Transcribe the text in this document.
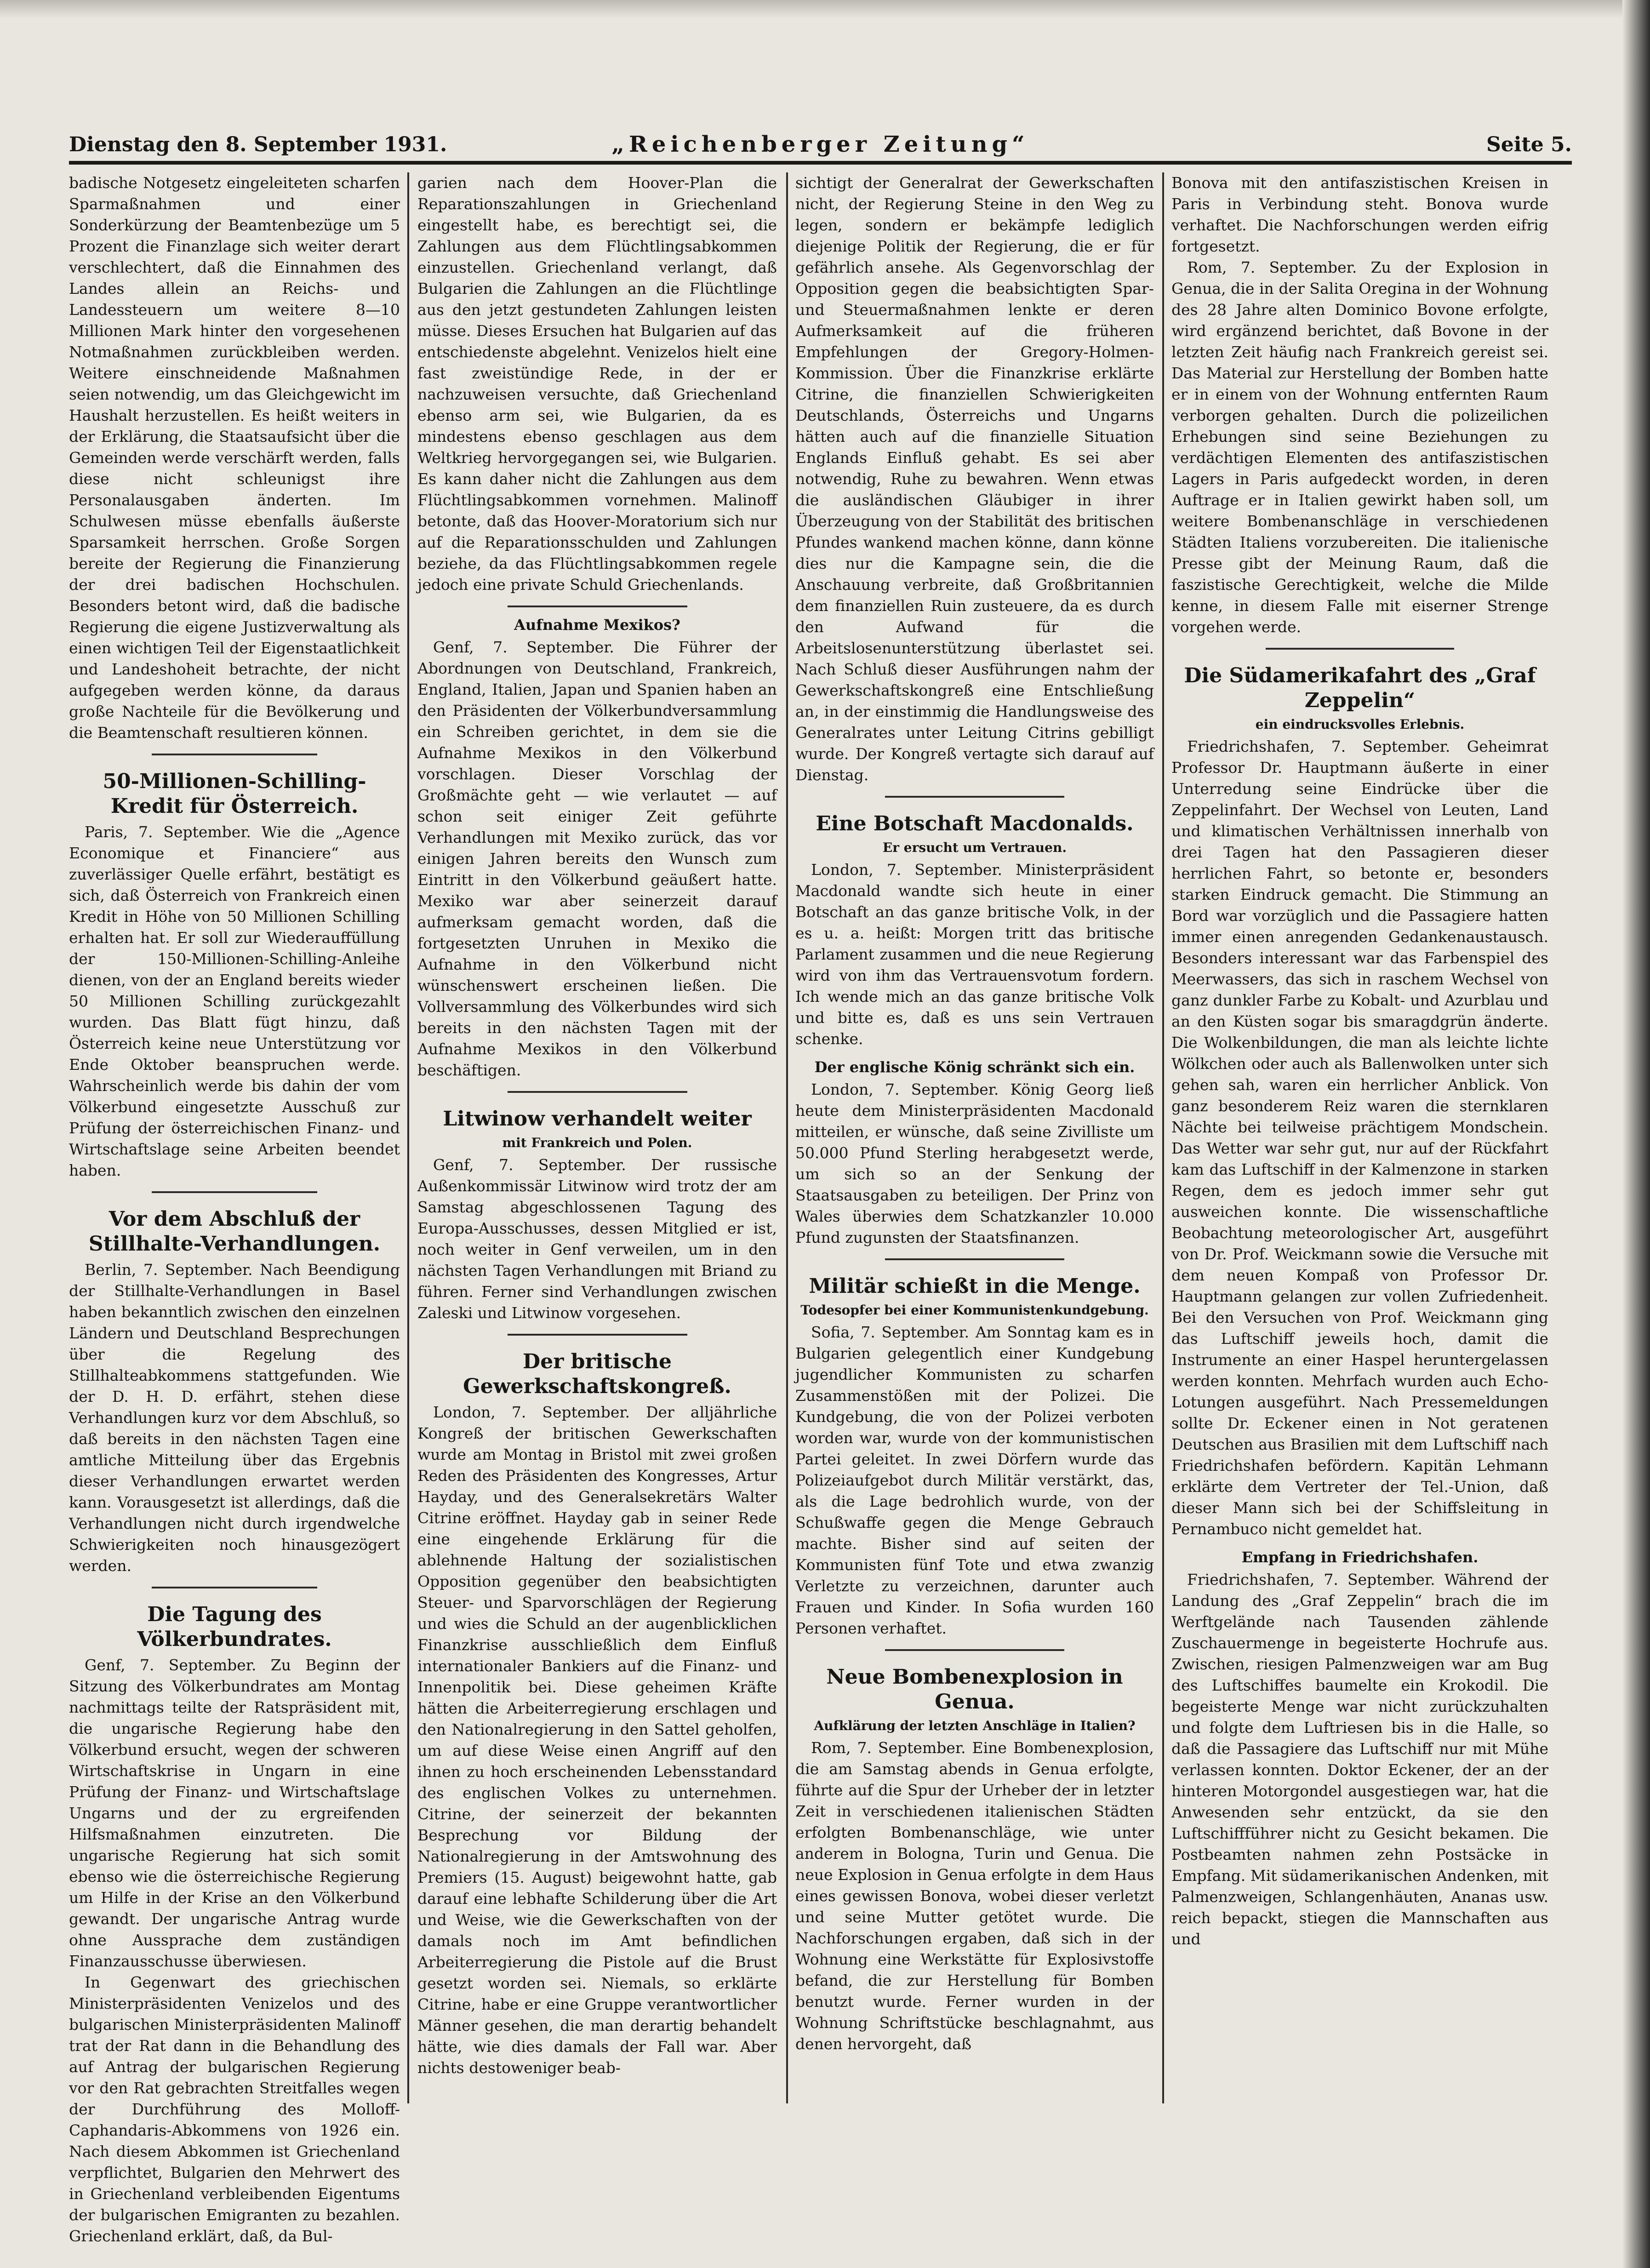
Dienstag den 8. September 1931.	„Reichenberger Zeitung“	Seite 5.

badische Notgesetz eingeleiteten scharfen Sparmaßnahmen und einer Sonderkürzung der Beamtenbezüge um 5 Prozent die Finanzlage sich weiter derart verschlechtert, daß die Einnahmen des Landes allein an Reichs- und Landessteuern um weitere 8—10 Millionen Mark hinter den vorgesehenen Notmaßnahmen zurückbleiben werden. Weitere einschneidende Maßnahmen seien notwendig, um das Gleichgewicht im Haushalt herzustellen. Es heißt weiters in der Erklärung, die Staatsaufsicht über die Gemeinden werde verschärft werden, falls diese nicht schleunigst ihre Personalausgaben änderten. Im Schulwesen müsse ebenfalls äußerste Sparsamkeit herrschen. Große Sorgen bereite der Regierung die Finanzierung der drei badischen Hochschulen. Besonders betont wird, daß die badische Regierung die eigene Justizverwaltung als einen wichtigen Teil der Eigenstaatlichkeit und Landeshoheit betrachte, der nicht aufgegeben werden könne, da daraus große Nachteile für die Bevölkerung und die Beamtenschaft resultieren können.

50-Millionen-Schilling-Kredit für Österreich.

Paris, 7. September. Wie die „Agence Economique et Financiere“ aus zuverlässiger Quelle erfährt, bestätigt es sich, daß Österreich von Frankreich einen Kredit in Höhe von 50 Millionen Schilling erhalten hat. Er soll zur Wiederauffüllung der 150-Millionen-Schilling-Anleihe dienen, von der an England bereits wieder 50 Millionen Schilling zurückgezahlt wurden. Das Blatt fügt hinzu, daß Österreich keine neue Unterstützung vor Ende Oktober beanspruchen werde. Wahrscheinlich werde bis dahin der vom Völkerbund eingesetzte Ausschuß zur Prüfung der österreichischen Finanz- und Wirtschaftslage seine Arbeiten beendet haben.

Vor dem Abschluß der Stillhalte-Verhandlungen.

Berlin, 7. September. Nach Beendigung der Stillhalte-Verhandlungen in Basel haben bekanntlich zwischen den einzelnen Ländern und Deutschland Besprechungen über die Regelung des Stillhalteabkommens stattgefunden. Wie der D. H. D. erfährt, stehen diese Verhandlungen kurz vor dem Abschluß, so daß bereits in den nächsten Tagen eine amtliche Mitteilung über das Ergebnis dieser Verhandlungen erwartet werden kann. Vorausgesetzt ist allerdings, daß die Verhandlungen nicht durch irgendwelche Schwierigkeiten noch hinausgezögert werden.

Die Tagung des Völkerbundrates.

Genf, 7. September. Zu Beginn der Sitzung des Völkerbundrates am Montag nachmittags teilte der Ratspräsident mit, die ungarische Regierung habe den Völkerbund ersucht, wegen der schweren Wirtschaftskrise in Ungarn in eine Prüfung der Finanz- und Wirtschaftslage Ungarns und der zu ergreifenden Hilfsmaßnahmen einzutreten. Die ungarische Regierung hat sich somit ebenso wie die österreichische Regierung um Hilfe in der Krise an den Völkerbund gewandt. Der ungarische Antrag wurde ohne Aussprache dem zuständigen Finanzausschusse überwiesen.

In Gegenwart des griechischen Ministerpräsidenten Venizelos und des bulgarischen Ministerpräsidenten Malinoff trat der Rat dann in die Behandlung des auf Antrag der bulgarischen Regierung vor den Rat gebrachten Streitfalles wegen der Durchführung des Molloff-Caphandaris-Abkommens von 1926 ein. Nach diesem Abkommen ist Griechenland verpflichtet, Bulgarien den Mehrwert des in Griechenland verbleibenden Eigentums der bulgarischen Emigranten zu bezahlen. Griechenland erklärt, daß, da Bul-

garien nach dem Hoover-Plan die Reparationszahlungen in Griechenland eingestellt habe, es berechtigt sei, die Zahlungen aus dem Flüchtlingsabkommen einzustellen. Griechenland verlangt, daß Bulgarien die Zahlungen an die Flüchtlinge aus den jetzt gestundeten Zahlungen leisten müsse. Dieses Ersuchen hat Bulgarien auf das entschiedenste abgelehnt. Venizelos hielt eine fast zweistündige Rede, in der er nachzuweisen versuchte, daß Griechenland ebenso arm sei, wie Bulgarien, da es mindestens ebenso geschlagen aus dem Weltkrieg hervorgegangen sei, wie Bulgarien. Es kann daher nicht die Zahlungen aus dem Flüchtlingsabkommen vornehmen. Malinoff betonte, daß das Hoover-Moratorium sich nur auf die Reparationsschulden und Zahlungen beziehe, da das Flüchtlingsabkommen regele jedoch eine private Schuld Griechenlands.

Aufnahme Mexikos?

Genf, 7. September. Die Führer der Abordnungen von Deutschland, Frankreich, England, Italien, Japan und Spanien haben an den Präsidenten der Völkerbundversammlung ein Schreiben gerichtet, in dem sie die Aufnahme Mexikos in den Völkerbund vorschlagen. Dieser Vorschlag der Großmächte geht — wie verlautet — auf schon seit einiger Zeit geführte Verhandlungen mit Mexiko zurück, das vor einigen Jahren bereits den Wunsch zum Eintritt in den Völkerbund geäußert hatte. Mexiko war aber seinerzeit darauf aufmerksam gemacht worden, daß die fortgesetzten Unruhen in Mexiko die Aufnahme in den Völkerbund nicht wünschenswert erscheinen ließen. Die Vollversammlung des Völkerbundes wird sich bereits in den nächsten Tagen mit der Aufnahme Mexikos in den Völkerbund beschäftigen.

Litwinow verhandelt weiter
mit Frankreich und Polen.

Genf, 7. September. Der russische Außenkommissär Litwinow wird trotz der am Samstag abgeschlossenen Tagung des Europa-Ausschusses, dessen Mitglied er ist, noch weiter in Genf verweilen, um in den nächsten Tagen Verhandlungen mit Briand zu führen. Ferner sind Verhandlungen zwischen Zaleski und Litwinow vorgesehen.

Der britische Gewerkschaftskongreß.

London, 7. September. Der alljährliche Kongreß der britischen Gewerkschaften wurde am Montag in Bristol mit zwei großen Reden des Präsidenten des Kongresses, Artur Hayday, und des Generalsekretärs Walter Citrine eröffnet. Hayday gab in seiner Rede eine eingehende Erklärung für die ablehnende Haltung der sozialistischen Opposition gegenüber den beabsichtigten Steuer- und Sparvorschlägen der Regierung und wies die Schuld an der augenblicklichen Finanzkrise ausschließlich dem Einfluß internationaler Bankiers auf die Finanz- und Innenpolitik bei. Diese geheimen Kräfte hätten die Arbeiterregierung erschlagen und den Nationalregierung in den Sattel geholfen, um auf diese Weise einen Angriff auf den ihnen zu hoch erscheinenden Lebensstandard des englischen Volkes zu unternehmen. Citrine, der seinerzeit der bekannten Besprechung vor Bildung der Nationalregierung in der Amtswohnung des Premiers (15. August) beigewohnt hatte, gab darauf eine lebhafte Schilderung über die Art und Weise, wie die Gewerkschaften von der damals noch im Amt befindlichen Arbeiterregierung die Pistole auf die Brust gesetzt worden sei. Niemals, so erklärte Citrine, habe er eine Gruppe verantwortlicher Männer gesehen, die man derartig behandelt hätte, wie dies damals der Fall war. Aber nichts destoweniger beab-

sichtigt der Generalrat der Gewerkschaften nicht, der Regierung Steine in den Weg zu legen, sondern er bekämpfe lediglich diejenige Politik der Regierung, die er für gefährlich ansehe. Als Gegenvorschlag der Opposition gegen die beabsichtigten Spar- und Steuermaßnahmen lenkte er deren Aufmerksamkeit auf die früheren Empfehlungen der Gregory-Holmen-Kommission. Über die Finanzkrise erklärte Citrine, die finanziellen Schwierigkeiten Deutschlands, Österreichs und Ungarns hätten auch auf die finanzielle Situation Englands Einfluß gehabt. Es sei aber notwendig, Ruhe zu bewahren. Wenn etwas die ausländischen Gläubiger in ihrer Überzeugung von der Stabilität des britischen Pfundes wankend machen könne, dann könne dies nur die Kampagne sein, die die Anschauung verbreite, daß Großbritannien dem finanziellen Ruin zusteuere, da es durch den Aufwand für die Arbeitslosenunterstützung überlastet sei. Nach Schluß dieser Ausführungen nahm der Gewerkschaftskongreß eine Entschließung an, in der einstimmig die Handlungsweise des Generalrates unter Leitung Citrins gebilligt wurde. Der Kongreß vertagte sich darauf auf Dienstag.

Eine Botschaft Macdonalds.
Er ersucht um Vertrauen.

London, 7. September. Ministerpräsident Macdonald wandte sich heute in einer Botschaft an das ganze britische Volk, in der es u. a. heißt: Morgen tritt das britische Parlament zusammen und die neue Regierung wird von ihm das Vertrauensvotum fordern. Ich wende mich an das ganze britische Volk und bitte es, daß es uns sein Vertrauen schenke.

Der englische König schränkt sich ein.

London, 7. September. König Georg ließ heute dem Ministerpräsidenten Macdonald mitteilen, er wünsche, daß seine Zivilliste um 50.000 Pfund Sterling herabgesetzt werde, um sich so an der Senkung der Staatsausgaben zu beteiligen. Der Prinz von Wales überwies dem Schatzkanzler 10.000 Pfund zugunsten der Staatsfinanzen.

Militär schießt in die Menge.
Todesopfer bei einer Kommunistenkundgebung.

Sofia, 7. September. Am Sonntag kam es in Bulgarien gelegentlich einer Kundgebung jugendlicher Kommunisten zu scharfen Zusammenstößen mit der Polizei. Die Kundgebung, die von der Polizei verboten worden war, wurde von der kommunistischen Partei geleitet. In zwei Dörfern wurde das Polizeiaufgebot durch Militär verstärkt, das, als die Lage bedrohlich wurde, von der Schußwaffe gegen die Menge Gebrauch machte. Bisher sind auf seiten der Kommunisten fünf Tote und etwa zwanzig Verletzte zu verzeichnen, darunter auch Frauen und Kinder. In Sofia wurden 160 Personen verhaftet.

Neue Bombenexplosion in Genua.
Aufklärung der letzten Anschläge in Italien?

Rom, 7. September. Eine Bombenexplosion, die am Samstag abends in Genua erfolgte, führte auf die Spur der Urheber der in letzter Zeit in verschiedenen italienischen Städten erfolgten Bombenanschläge, wie unter anderem in Bologna, Turin und Genua. Die neue Explosion in Genua erfolgte in dem Haus eines gewissen Bonova, wobei dieser verletzt und seine Mutter getötet wurde. Die Nachforschungen ergaben, daß sich in der Wohnung eine Werkstätte für Explosivstoffe befand, die zur Herstellung für Bomben benutzt wurde. Ferner wurden in der Wohnung Schriftstücke beschlagnahmt, aus denen hervorgeht, daß

Bonova mit den antifaszistischen Kreisen in Paris in Verbindung steht. Bonova wurde verhaftet. Die Nachforschungen werden eifrig fortgesetzt.

Rom, 7. September. Zu der Explosion in Genua, die in der Salita Oregina in der Wohnung des 28 Jahre alten Dominico Bovone erfolgte, wird ergänzend berichtet, daß Bovone in der letzten Zeit häufig nach Frankreich gereist sei. Das Material zur Herstellung der Bomben hatte er in einem von der Wohnung entfernten Raum verborgen gehalten. Durch die polizeilichen Erhebungen sind seine Beziehungen zu verdächtigen Elementen des antifaszistischen Lagers in Paris aufgedeckt worden, in deren Auftrage er in Italien gewirkt haben soll, um weitere Bombenanschläge in verschiedenen Städten Italiens vorzubereiten. Die italienische Presse gibt der Meinung Raum, daß die faszistische Gerechtigkeit, welche die Milde kenne, in diesem Falle mit eiserner Strenge vorgehen werde.

Die Südamerikafahrt des „Graf Zeppelin“
ein eindrucksvolles Erlebnis.

Friedrichshafen, 7. September. Geheimrat Professor Dr. Hauptmann äußerte in einer Unterredung seine Eindrücke über die Zeppelinfahrt. Der Wechsel von Leuten, Land und klimatischen Verhältnissen innerhalb von drei Tagen hat den Passagieren dieser herrlichen Fahrt, so betonte er, besonders starken Eindruck gemacht. Die Stimmung an Bord war vorzüglich und die Passagiere hatten immer einen anregenden Gedankenaustausch. Besonders interessant war das Farbenspiel des Meerwassers, das sich in raschem Wechsel von ganz dunkler Farbe zu Kobalt- und Azurblau und an den Küsten sogar bis smaragdgrün änderte. Die Wolkenbildungen, die man als leichte lichte Wölkchen oder auch als Ballenwolken unter sich gehen sah, waren ein herrlicher Anblick. Von ganz besonderem Reiz waren die sternklaren Nächte bei teilweise prächtigem Mondschein. Das Wetter war sehr gut, nur auf der Rückfahrt kam das Luftschiff in der Kalmenzone in starken Regen, dem es jedoch immer sehr gut ausweichen konnte. Die wissenschaftliche Beobachtung meteorologischer Art, ausgeführt von Dr. Prof. Weickmann sowie die Versuche mit dem neuen Kompaß von Professor Dr. Hauptmann gelangen zur vollen Zufriedenheit. Bei den Versuchen von Prof. Weickmann ging das Luftschiff jeweils hoch, damit die Instrumente an einer Haspel heruntergelassen werden konnten. Mehrfach wurden auch Echo-Lotungen ausgeführt. Nach Pressemeldungen sollte Dr. Eckener einen in Not geratenen Deutschen aus Brasilien mit dem Luftschiff nach Friedrichshafen befördern. Kapitän Lehmann erklärte dem Vertreter der Tel.-Union, daß dieser Mann sich bei der Schiffsleitung in Pernambuco nicht gemeldet hat.

Empfang in Friedrichshafen.

Friedrichshafen, 7. September. Während der Landung des „Graf Zeppelin“ brach die im Werftgelände nach Tausenden zählende Zuschauermenge in begeisterte Hochrufe aus. Zwischen, riesigen Palmenzweigen war am Bug des Luftschiffes baumelte ein Krokodil. Die begeisterte Menge war nicht zurückzuhalten und folgte dem Luftriesen bis in die Halle, so daß die Passagiere das Luftschiff nur mit Mühe verlassen konnten. Doktor Eckener, der an der hinteren Motorgondel ausgestiegen war, hat die Anwesenden sehr entzückt, da sie den Luftschiffführer nicht zu Gesicht bekamen. Die Postbeamten nahmen zehn Postsäcke in Empfang. Mit südamerikanischen Andenken, mit Palmenzweigen, Schlangenhäuten, Ananas usw. reich bepackt, stiegen die Mannschaften aus und
